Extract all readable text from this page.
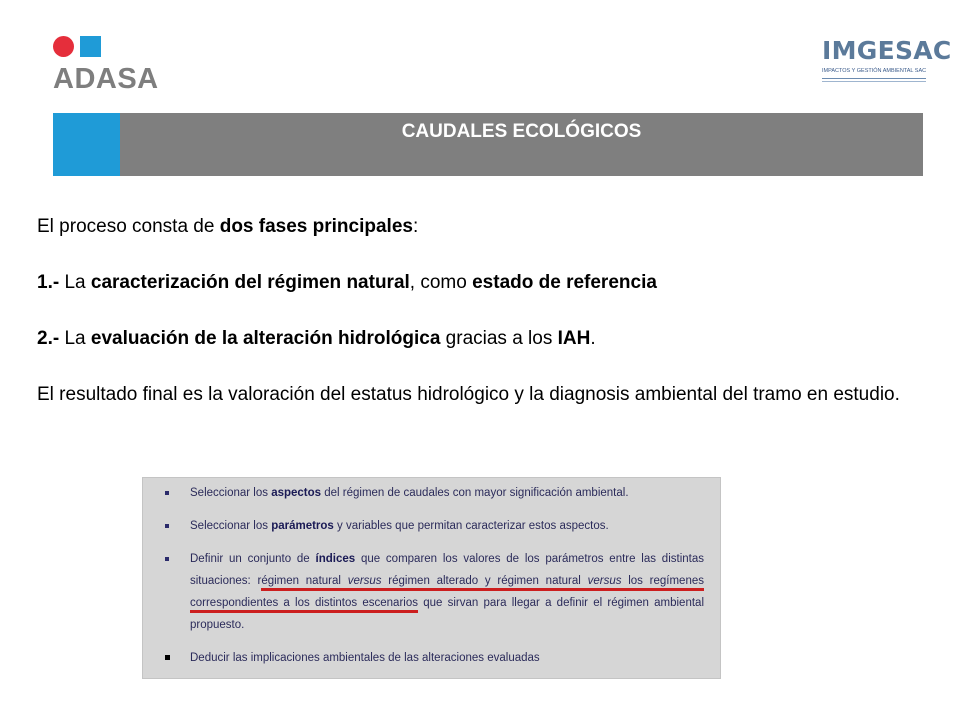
ADASA
IMGESAC
IMPACTOS Y GESTIÓN AMBIENTAL SAC
CAUDALES ECOLÓGICOS

El proceso consta de dos fases principales:

1.- La caracterización del régimen natural, como estado de referencia

2.- La evaluación de la alteración hidrológica gracias a los IAH.

El resultado final es la valoración del estatus hidrológico y la diagnosis ambiental del tramo en estudio.

Seleccionar los aspectos del régimen de caudales con mayor significación ambiental.
Seleccionar los parámetros y variables que permitan caracterizar estos aspectos.
Definir un conjunto de índices que comparen los valores de los parámetros entre las distintas situaciones: régimen natural versus régimen alterado y régimen natural versus los regímenes correspondientes a los distintos escenarios que sirvan para llegar a definir el régimen ambiental propuesto.
Deducir las implicaciones ambientales de las alteraciones evaluadas
